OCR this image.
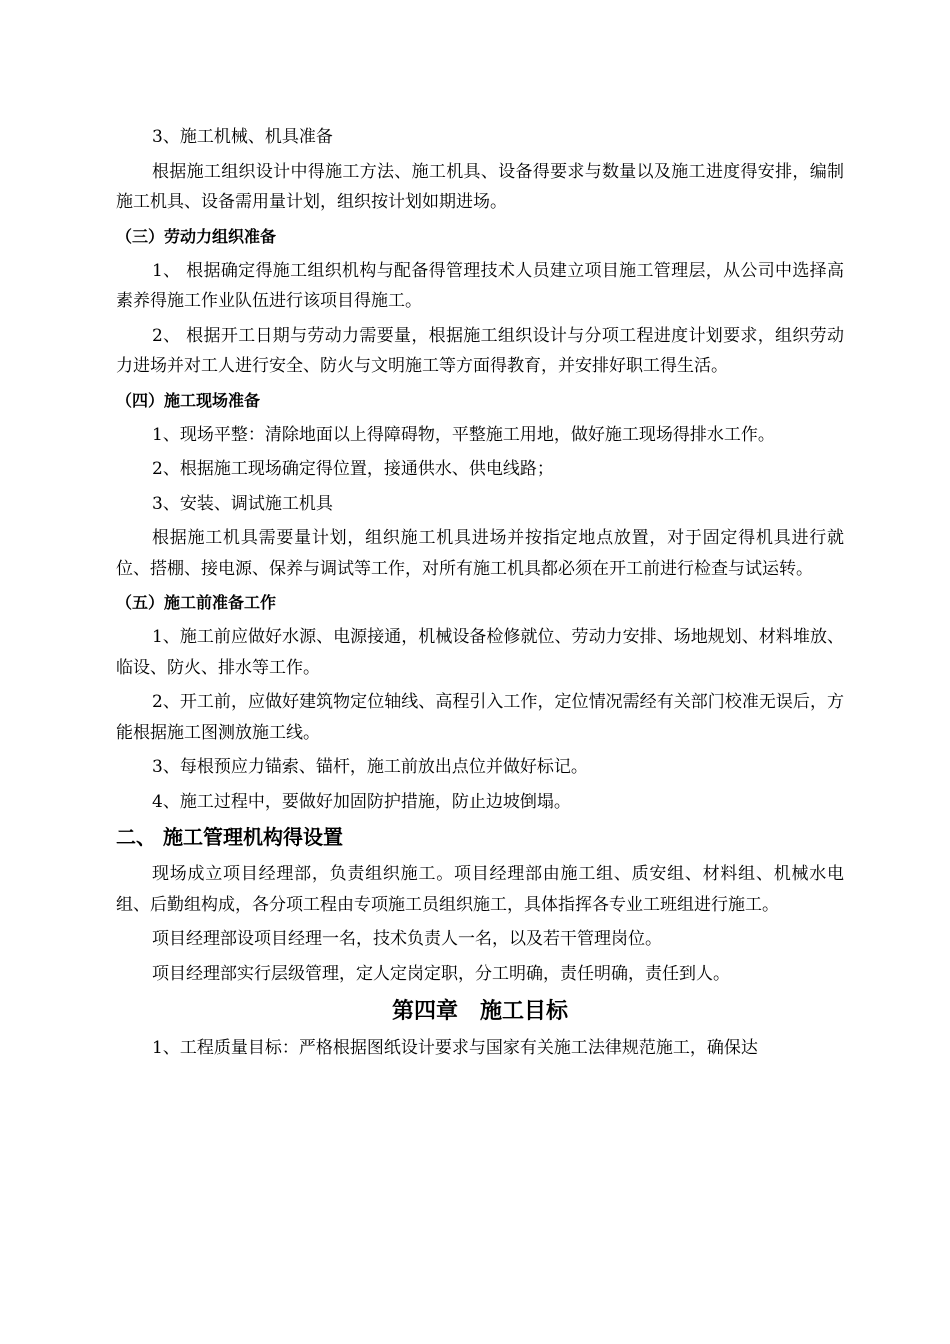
3、施工机械、机具准备

根据施工组织设计中得施工方法、施工机具、设备得要求与数量以及施工进度得安排，编制施工机具、设备需用量计划，组织按计划如期进场。

（三）劳动力组织准备

1、 根据确定得施工组织机构与配备得管理技术人员建立项目施工管理层，从公司中选择高素养得施工作业队伍进行该项目得施工。

2、 根据开工日期与劳动力需要量，根据施工组织设计与分项工程进度计划要求，组织劳动力进场并对工人进行安全、防火与文明施工等方面得教育，并安排好职工得生活。

（四）施工现场准备

1、现场平整：清除地面以上得障碍物，平整施工用地，做好施工现场得排水工作。

2、根据施工现场确定得位置，接通供水、供电线路；

3、安装、调试施工机具

根据施工机具需要量计划，组织施工机具进场并按指定地点放置，对于固定得机具进行就位、搭棚、接电源、保养与调试等工作，对所有施工机具都必须在开工前进行检查与试运转。

（五）施工前准备工作

1、施工前应做好水源、电源接通，机械设备检修就位、劳动力安排、场地规划、材料堆放、临设、防火、排水等工作。

2、开工前，应做好建筑物定位轴线、高程引入工作，定位情况需经有关部门校准无误后，方能根据施工图测放施工线。

3、每根预应力锚索、锚杆，施工前放出点位并做好标记。

4、施工过程中，要做好加固防护措施，防止边坡倒塌。

二、 施工管理机构得设置

现场成立项目经理部，负责组织施工。项目经理部由施工组、质安组、材料组、机械水电组、后勤组构成，各分项工程由专项施工员组织施工，具体指挥各专业工班组进行施工。

项目经理部设项目经理一名，技术负责人一名，以及若干管理岗位。

项目经理部实行层级管理，定人定岗定职，分工明确，责任明确，责任到人。

第四章　施工目标

1、工程质量目标：严格根据图纸设计要求与国家有关施工法律规范施工，确保达
